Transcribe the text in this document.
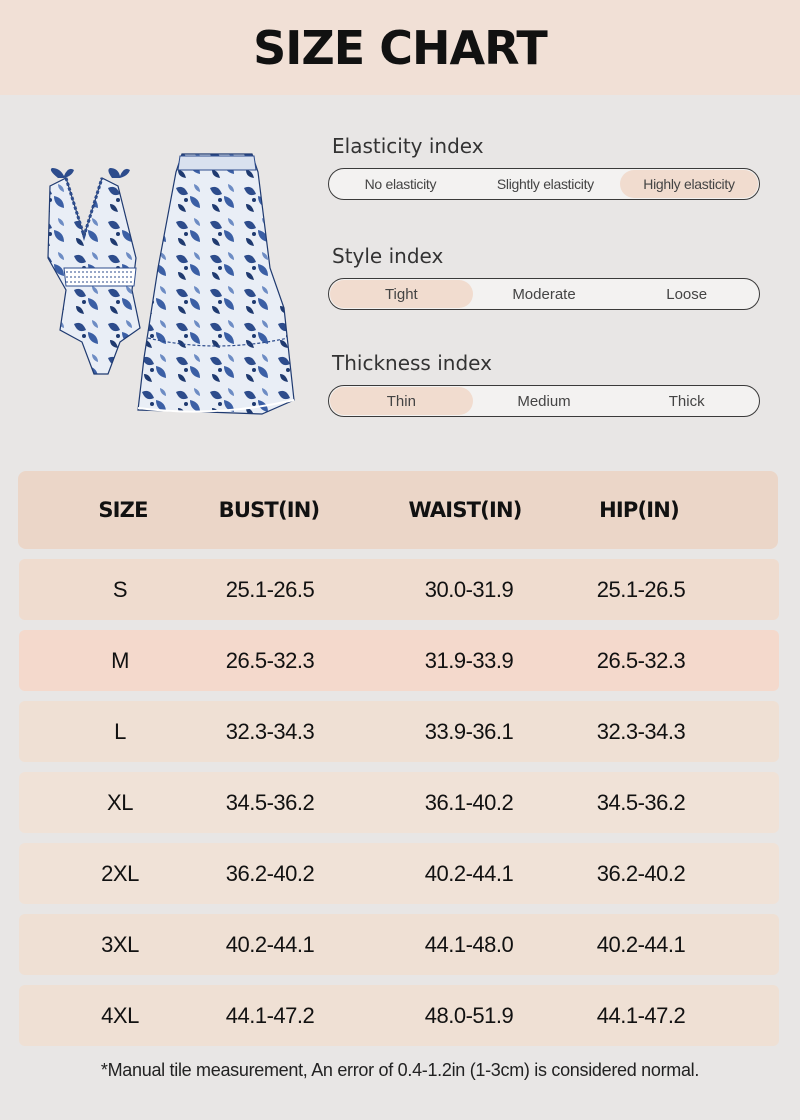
SIZE CHART
Elasticity index
No elasticity	Slightly elasticity	Highly elasticity
Style index
Tight	Moderate	Loose
Thickness index
Thin	Medium	Thick
SIZE	BUST(IN)	WAIST(IN)	HIP(IN)
S	25.1-26.5	30.0-31.9	25.1-26.5
M	26.5-32.3	31.9-33.9	26.5-32.3
L	32.3-34.3	33.9-36.1	32.3-34.3
XL	34.5-36.2	36.1-40.2	34.5-36.2
2XL	36.2-40.2	40.2-44.1	36.2-40.2
3XL	40.2-44.1	44.1-48.0	40.2-44.1
4XL	44.1-47.2	48.0-51.9	44.1-47.2
*Manual tile measurement, An error of 0.4-1.2in (1-3cm) is considered normal.
